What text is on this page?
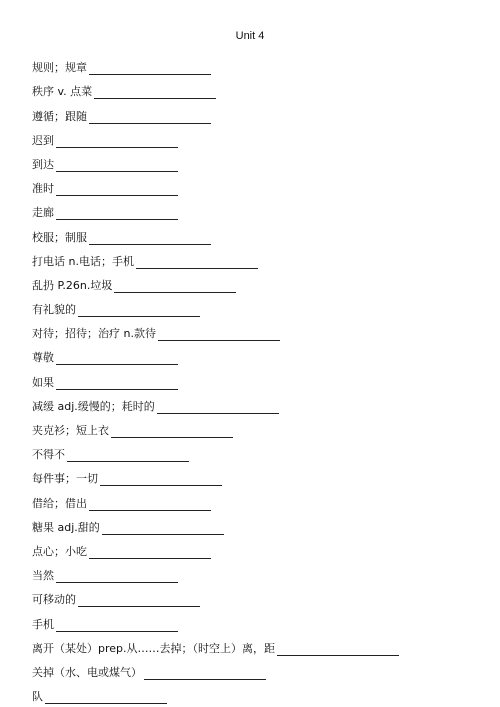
Unit 4
规则；规章
秩序 v. 点菜
遵循；跟随
迟到
到达
准时
走廊
校服；制服
打电话 n.电话；手机
乱扔 P.26n.垃圾
有礼貌的
对待；招待；治疗 n.款待
尊敬
如果
减缓 adj.缓慢的；耗时的
夹克衫；短上衣
不得不
每件事；一切
借给；借出
糖果 adj.甜的
点心；小吃
当然
可移动的
手机
离开（某处）prep.从……去掉；（时空上）离，距
关掉（水、电或煤气）
队
